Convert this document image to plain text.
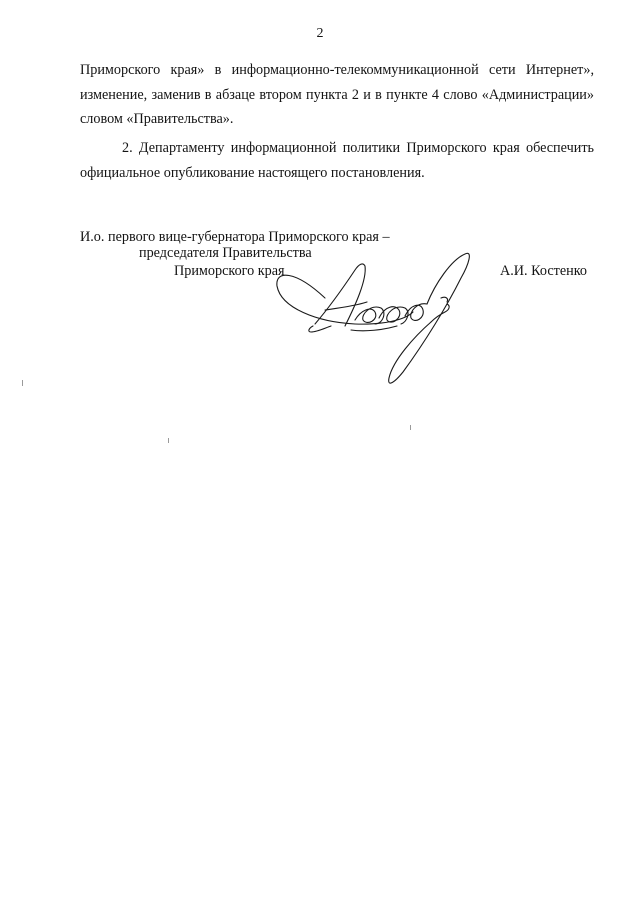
2

Приморского края» в информационно-телекоммуникационной сети Интернет», изменение, заменив в абзаце втором пункта 2 и в пункте 4 слово «Администрации» словом «Правительства».

2. Департаменту информационной политики Приморского края обеспечить официальное опубликование настоящего постановления.

И.о. первого вице-губернатора Приморского края –
председателя Правительства
Приморского края	А.И. Костенко
